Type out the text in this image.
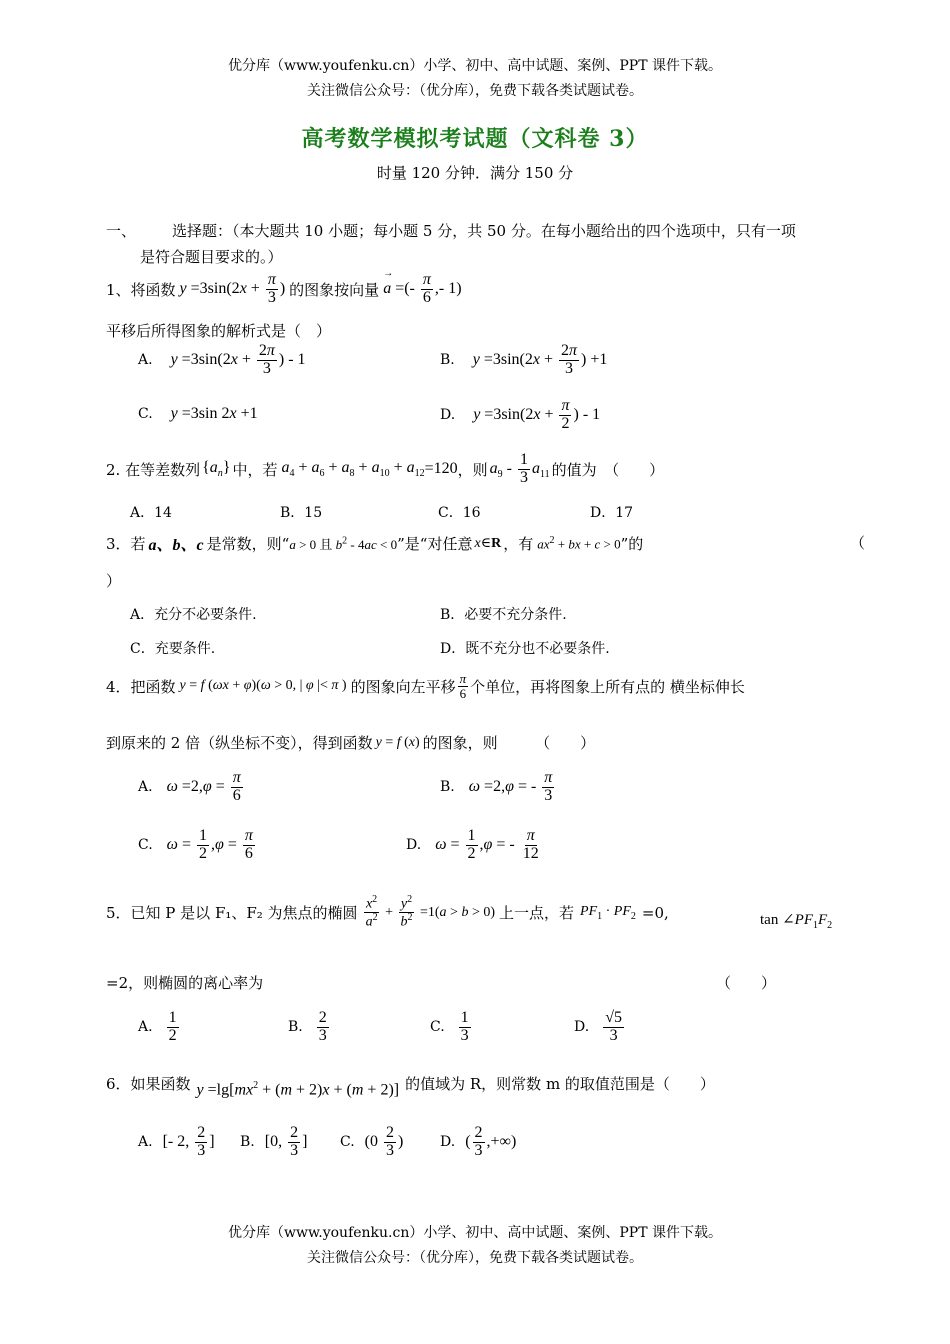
优分库（www.youfenku.cn）小学、初中、高中试题、案例、PPT 课件下载。
关注微信公众号：（优分库），免费下载各类试题试卷。
高考数学模拟考试题（文科卷 3）
时量 120 分钟．满分 150 分
一、 选择题：（本大题共 10 小题；每小题 5 分，共 50 分。在每小题给出的四个选项中，只有一项
是符合题目要求的。）
1、将函数 $y =3\sin(2x + \frac{\pi}{3}$ ) 的图象按向量
→ a =(- $\frac{\pi}{6}$ ,- 1)
平移后所得图象的解析式是（　）
A. $y =3\sin(2x + \frac{2\pi}{3}$ ) - 1	B. $y =3\sin(2x + \frac{2\pi}{3}$ ) +1
C. y =3sin 2x +1	D. $y =3\sin(2x + \frac{\pi}{2}$ ) - 1
2. 在等差数列 $\{a_n\}$ 中，若 $a_4 + a_6 + a_8 + a_{10} + a_{12} =120$ ，则 $a_9 - \frac{1}{3} a_{11}$ 的值为　（　　）
A．14	B．15	C．16	D．17
3．若 a、b、c 是常数，则“ a > 0 且 $b^2 - 4ac < 0$ ”是“对任意 x∈R ，有 $ax^2$ + bx + c > 0 ”的	（
）
A．充分不必要条件.	B．必要不充分条件.
C．充要条件.	D．既不充分也不必要条件.
4．把函数 y = f (ωx + φ)(ω > 0, | φ |< π ) 的图象向左平移 $\frac{\pi}{6}$ 个单位，再将图象上所有点的 横坐标伸长
到原来的 2 倍（纵坐标不变），得到函数 y = f (x) 的图象，则　　　（　　）
A. $\omega =2,\varphi = \frac{\pi}{6}$	B. ω =2,φ = - $\frac{\pi}{3}$
C. $\omega = \frac{1}{2} ,\varphi = \frac{\pi}{6}$	D. $\omega = \frac{1}{2} ,\varphi$ = - $\frac{\pi}{12}$
5．已知 P 是以 F₁、F₂ 为焦点的椭圆 $\frac{x^2}{a^2} + \frac{y^2}{b^2} =1(a > b > 0)$ 上一点，若 $PF_1 \cdot PF_2 =0$,	$\tan \angle PF_1F_2$
=2，则椭圆的离心率为	（　　）
A. $\frac{1}{2}$	B. $\frac{2}{3}$	C. $\frac{1}{3}$	D. $\frac{√5}{3}$
6．如果函数 $y =\lg[mx^2 + (m + 2)x + (m + 2)]$ 的值域为 R，则常数 m 的取值范围是（　　）
A. [- 2, $\frac{2}{3}$ ] B. [0, $\frac{2}{3}$ ] C. ($0 \frac{2}{3}$ )	D. ( $\frac{2}{3}$ ,+∞)
优分库（www.youfenku.cn）小学、初中、高中试题、案例、PPT 课件下载。
关注微信公众号：（优分库），免费下载各类试题试卷。
